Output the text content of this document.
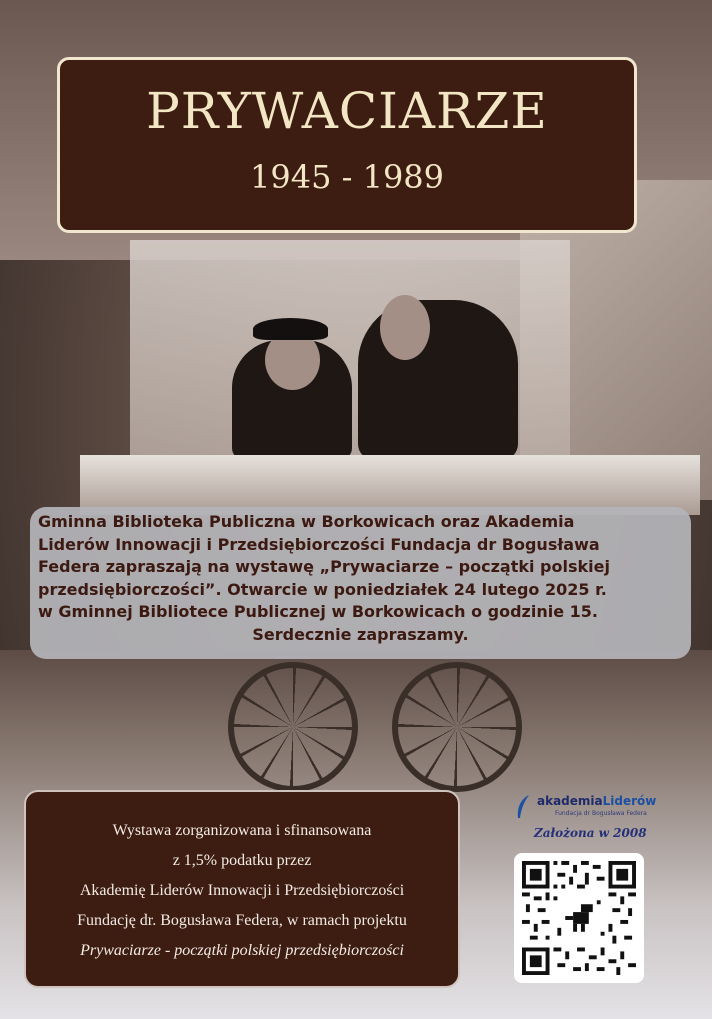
PRYWACIARZE
1945 - 1989
Gminna Biblioteka Publiczna w Borkowicach oraz Akademia
Liderów Innowacji i Przedsiębiorczości Fundacja dr Bogusława
Federa zapraszają na wystawę „Prywaciarze – początki polskiej
przedsiębiorczości”. Otwarcie w poniedziałek 24 lutego 2025 r.
w Gminnej Bibliotece Publicznej w Borkowicach o godzinie 15.
Serdecznie zapraszamy.
Wystawa zorganizowana i sfinansowana
z 1,5% podatku przez
Akademię Liderów Innowacji i Przedsiębiorczości
Fundację dr. Bogusława Federa, w ramach projektu
Prywaciarze - początki polskiej przedsiębiorczości
akademiaLiderów
Fundacja dr Bogusława Federa
Założona w 2008
